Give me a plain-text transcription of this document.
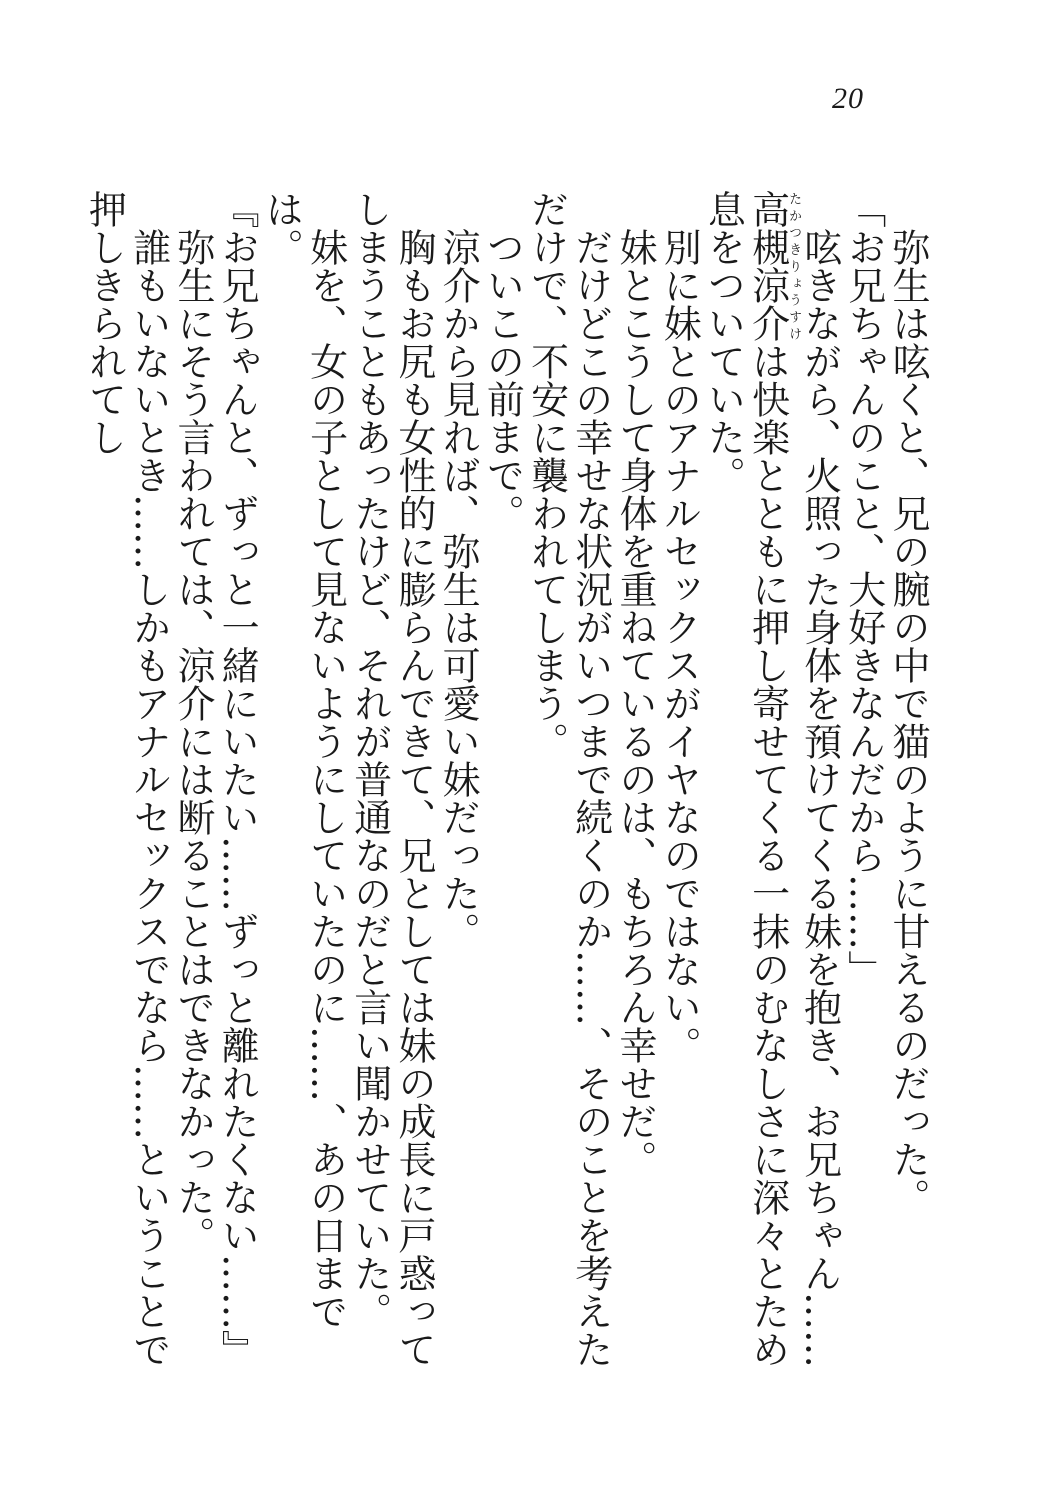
20

弥生は呟くと、兄の腕の中で猫のように甘えるのだった。

「お兄ちゃんのこと、大好きなんだから……」

呟きながら、火照った身体を預けてくる妹を抱き、お兄ちゃん……高槻涼介たかつきりょうすけは快楽とともに押し寄せてくる一抹のむなしさに深々とため息をついていた。

別に妹とのアナルセックスがイヤなのではない。

妹とこうして身体を重ねているのは、もちろん幸せだ。

だけどこの幸せな状況がいつまで続くのか……、そのことを考えただけで、不安に襲われてしまう。

ついこの前まで。

涼介から見れば、弥生は可愛い妹だった。

胸もお尻も女性的に膨らんできて、兄としては妹の成長に戸惑ってしまうこともあったけど、それが普通なのだと言い聞かせていた。

妹を、女の子として見ないようにしていたのに……、あの日までは。

『お兄ちゃんと、ずっと一緒にいたい……ずっと離れたくない……』

弥生にそう言われては、涼介には断ることはできなかった。

誰もいないとき……しかもアナルセックスでなら……ということで押しきられてし
